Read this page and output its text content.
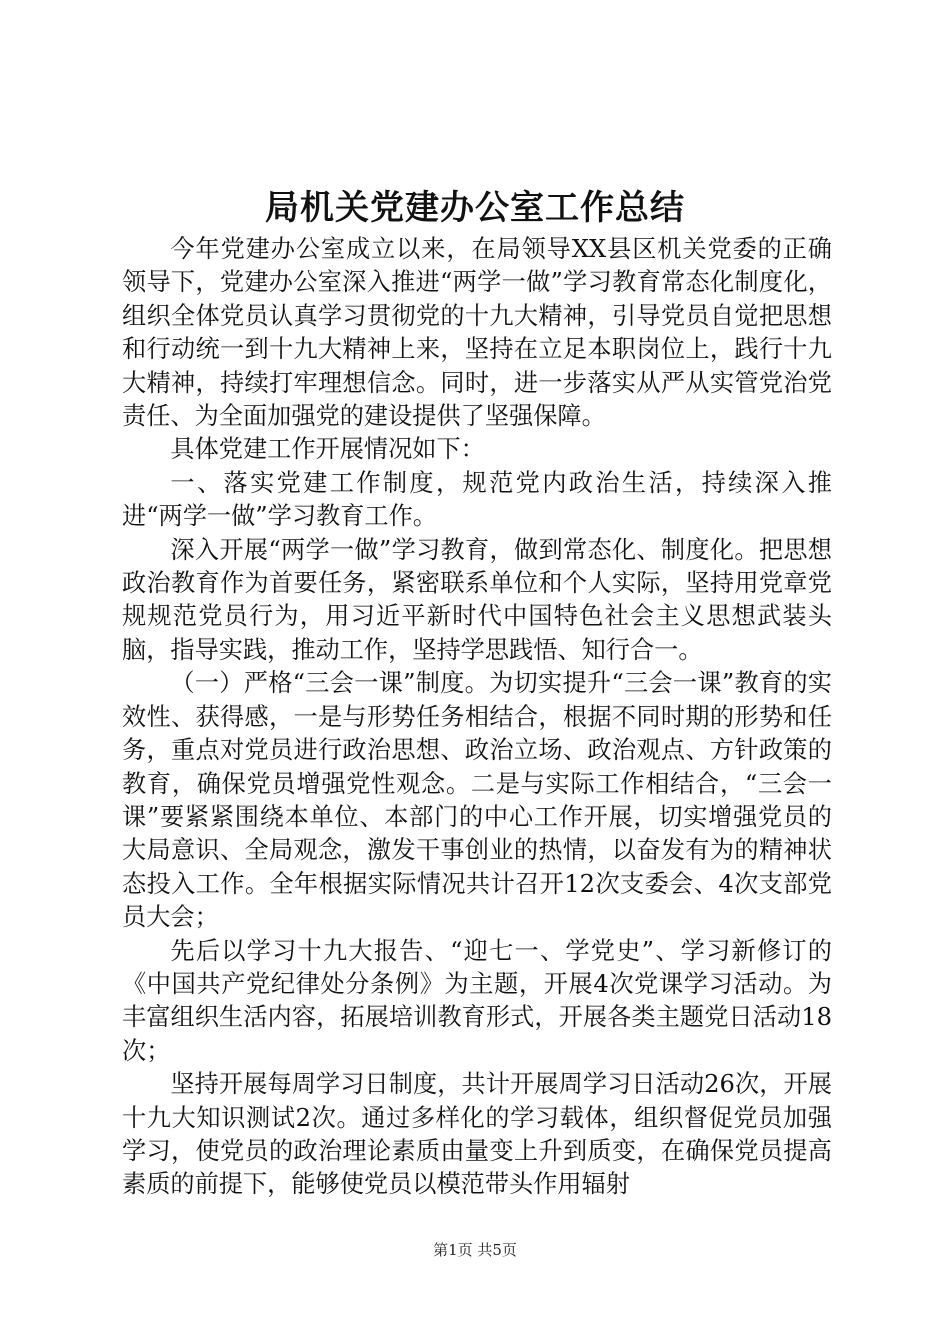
局机关党建办公室工作总结

今年党建办公室成立以来，在局领导XX县区机关党委的正确领导下，党建办公室深入推进“两学一做”学习教育常态化制度化，组织全体党员认真学习贯彻党的十九大精神，引导党员自觉把思想和行动统一到十九大精神上来，坚持在立足本职岗位上，践行十九大精神，持续打牢理想信念。同时，进一步落实从严从实管党治党责任、为全面加强党的建设提供了坚强保障。

具体党建工作开展情况如下：

一、落实党建工作制度，规范党内政治生活，持续深入推进“两学一做”学习教育工作。

深入开展“两学一做”学习教育，做到常态化、制度化。把思想政治教育作为首要任务，紧密联系单位和个人实际，坚持用党章党规规范党员行为，用习近平新时代中国特色社会主义思想武装头脑，指导实践，推动工作，坚持学思践悟、知行合一。

（一）严格“三会一课”制度。为切实提升“三会一课”教育的实效性、获得感，一是与形势任务相结合，根据不同时期的形势和任务，重点对党员进行政治思想、政治立场、政治观点、方针政策的教育，确保党员增强党性观念。二是与实际工作相结合，“三会一课”要紧紧围绕本单位、本部门的中心工作开展，切实增强党员的大局意识、全局观念，激发干事创业的热情，以奋发有为的精神状态投入工作。全年根据实际情况共计召开12次支委会、4次支部党员大会；

先后以学习十九大报告、“迎七一、学党史”、学习新修订的《中国共产党纪律处分条例》为主题，开展4次党课学习活动。为丰富组织生活内容，拓展培训教育形式，开展各类主题党日活动18次；

坚持开展每周学习日制度，共计开展周学习日活动26次，开展十九大知识测试2次。通过多样化的学习载体，组织督促党员加强学习，使党员的政治理论素质由量变上升到质变，在确保党员提高素质的前提下，能够使党员以模范带头作用辐射

第1页 共5页
